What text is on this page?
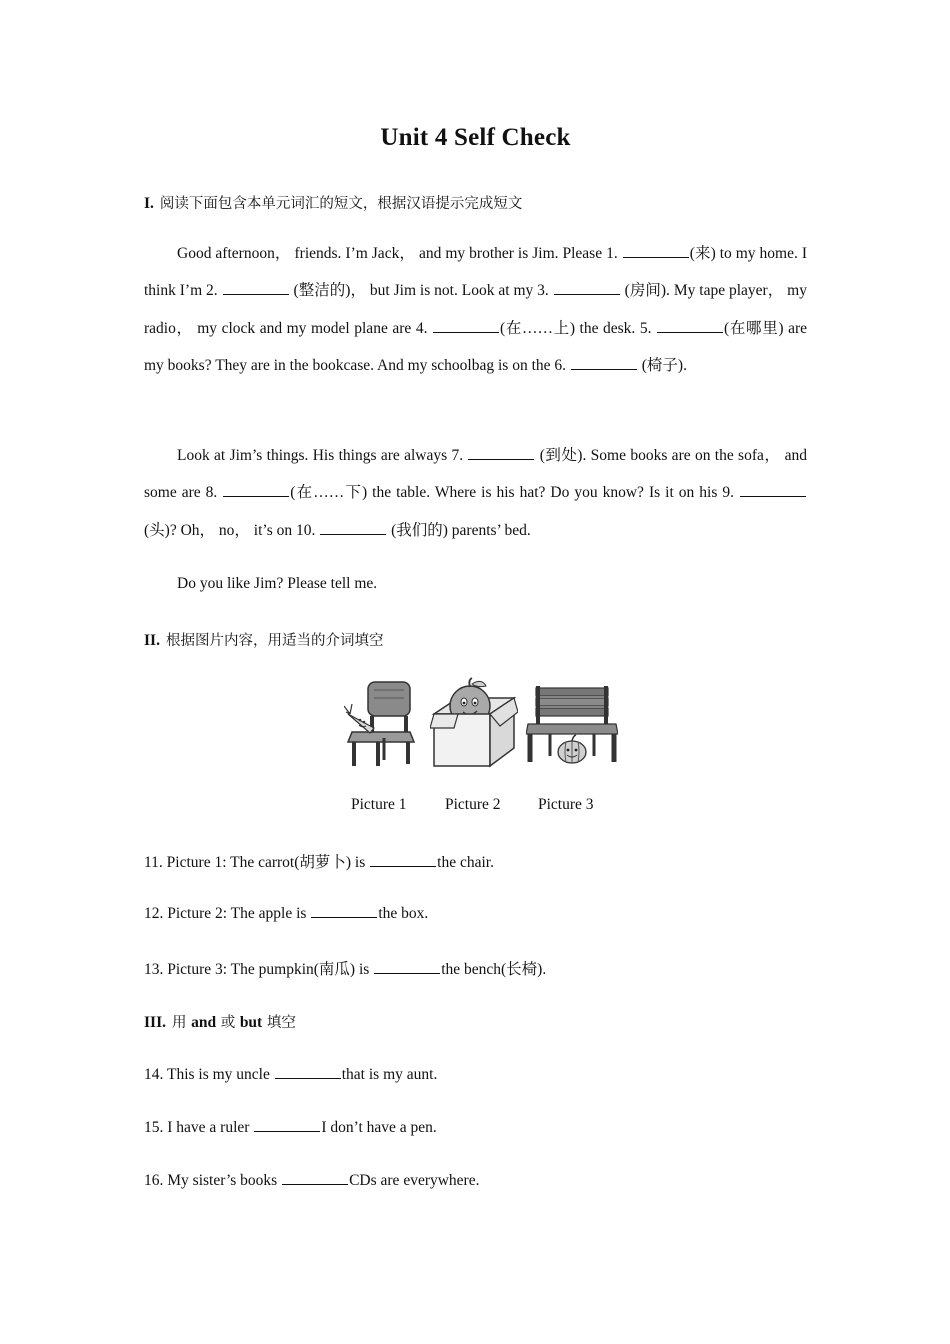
Unit 4 Self Check
I. 阅读下面包含本单元词汇的短文，根据汉语提示完成短文

Good afternoon， friends. I’m Jack， and my brother is Jim. Please 1.	(来) to my home. I think I’m 2.	(整洁的)， but Jim is not. Look at my 3.	(房间). My tape player， my radio， my clock and my model plane are 4.	(在……上) the desk. 5.	(在哪里) are my books? They are in the bookcase. And my schoolbag is on the 6.	(椅子).

Look at Jim’s things. His things are always 7.	(到处). Some books are on the sofa， and some are 8.	(在……下) the table. Where is his hat? Do you know? Is it on his 9.  (头)? Oh， no， it’s on 10.	(我们的) parents’ bed.

Do you like Jim? Please tell me.

II. 根据图片内容，用适当的介词填空
Picture 1 Picture 2 Picture 3
11. Picture 1: The carrot(胡萝卜) is	the chair.
12. Picture 2: The apple is	the box.
13. Picture 3: The pumpkin(南瓜) is	the bench(长椅).
III. 用 and 或 but 填空
14. This is my uncle	that is my aunt.
15. I have a ruler	I don’t have a pen.
16. My sister’s books	CDs are everywhere.
